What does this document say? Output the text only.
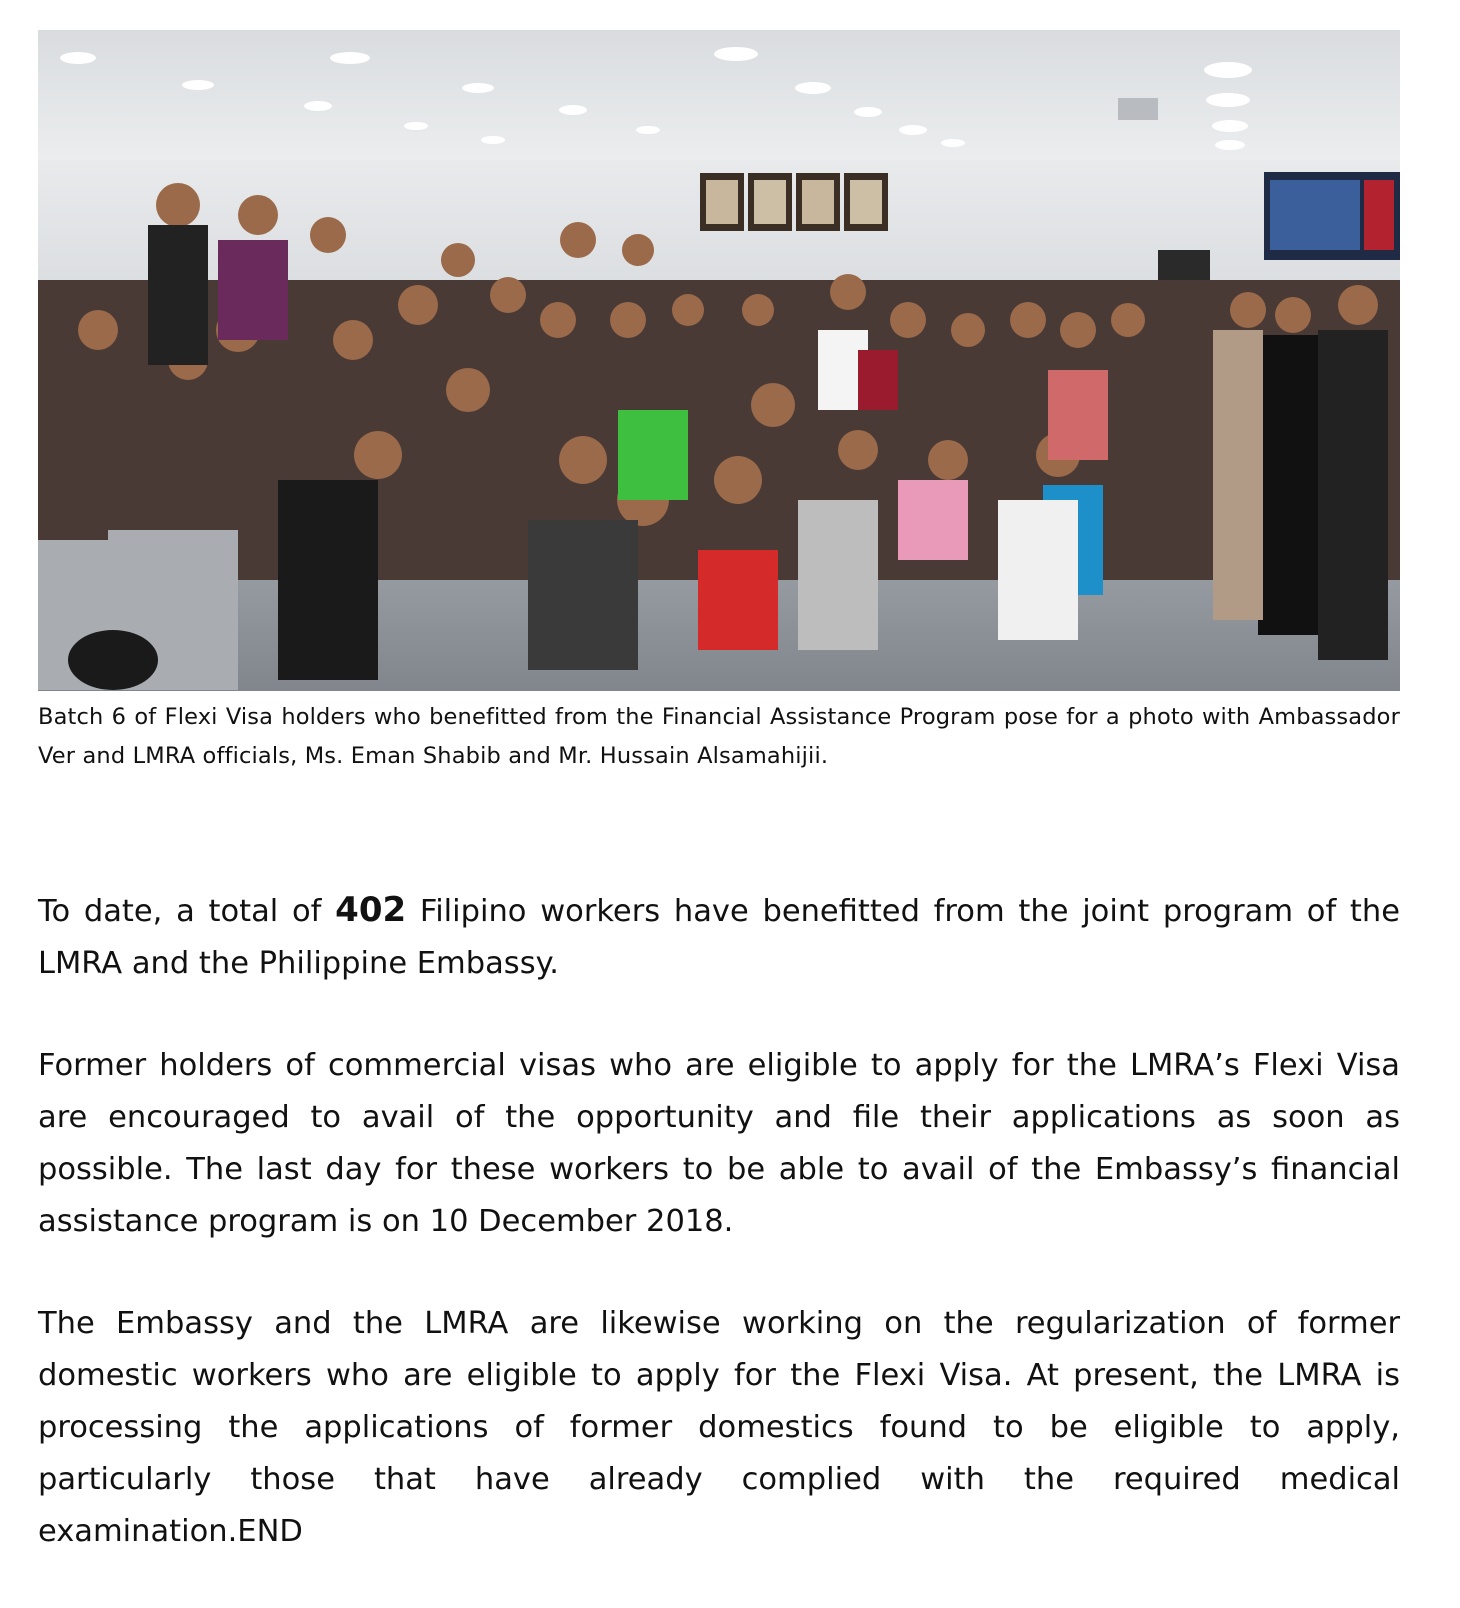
Batch 6 of Flexi Visa holders who benefitted from the Financial Assistance Program pose for a photo with Ambassador Ver and LMRA officials, Ms. Eman Shabib and Mr. Hussain Alsamahijii.

To date, a total of 402 Filipino workers have benefitted from the joint program of the LMRA and the Philippine Embassy.

Former holders of commercial visas who are eligible to apply for the LMRA’s Flexi Visa are encouraged to avail of the opportunity and file their applications as soon as possible. The last day for these workers to be able to avail of the Embassy’s financial assistance program is on 10 December 2018.

The Embassy and the LMRA are likewise working on the regularization of former domestic workers who are eligible to apply for the Flexi Visa. At present, the LMRA is processing the applications of former domestics found to be eligible to apply, particularly those that have already complied with the required medical examination.END
